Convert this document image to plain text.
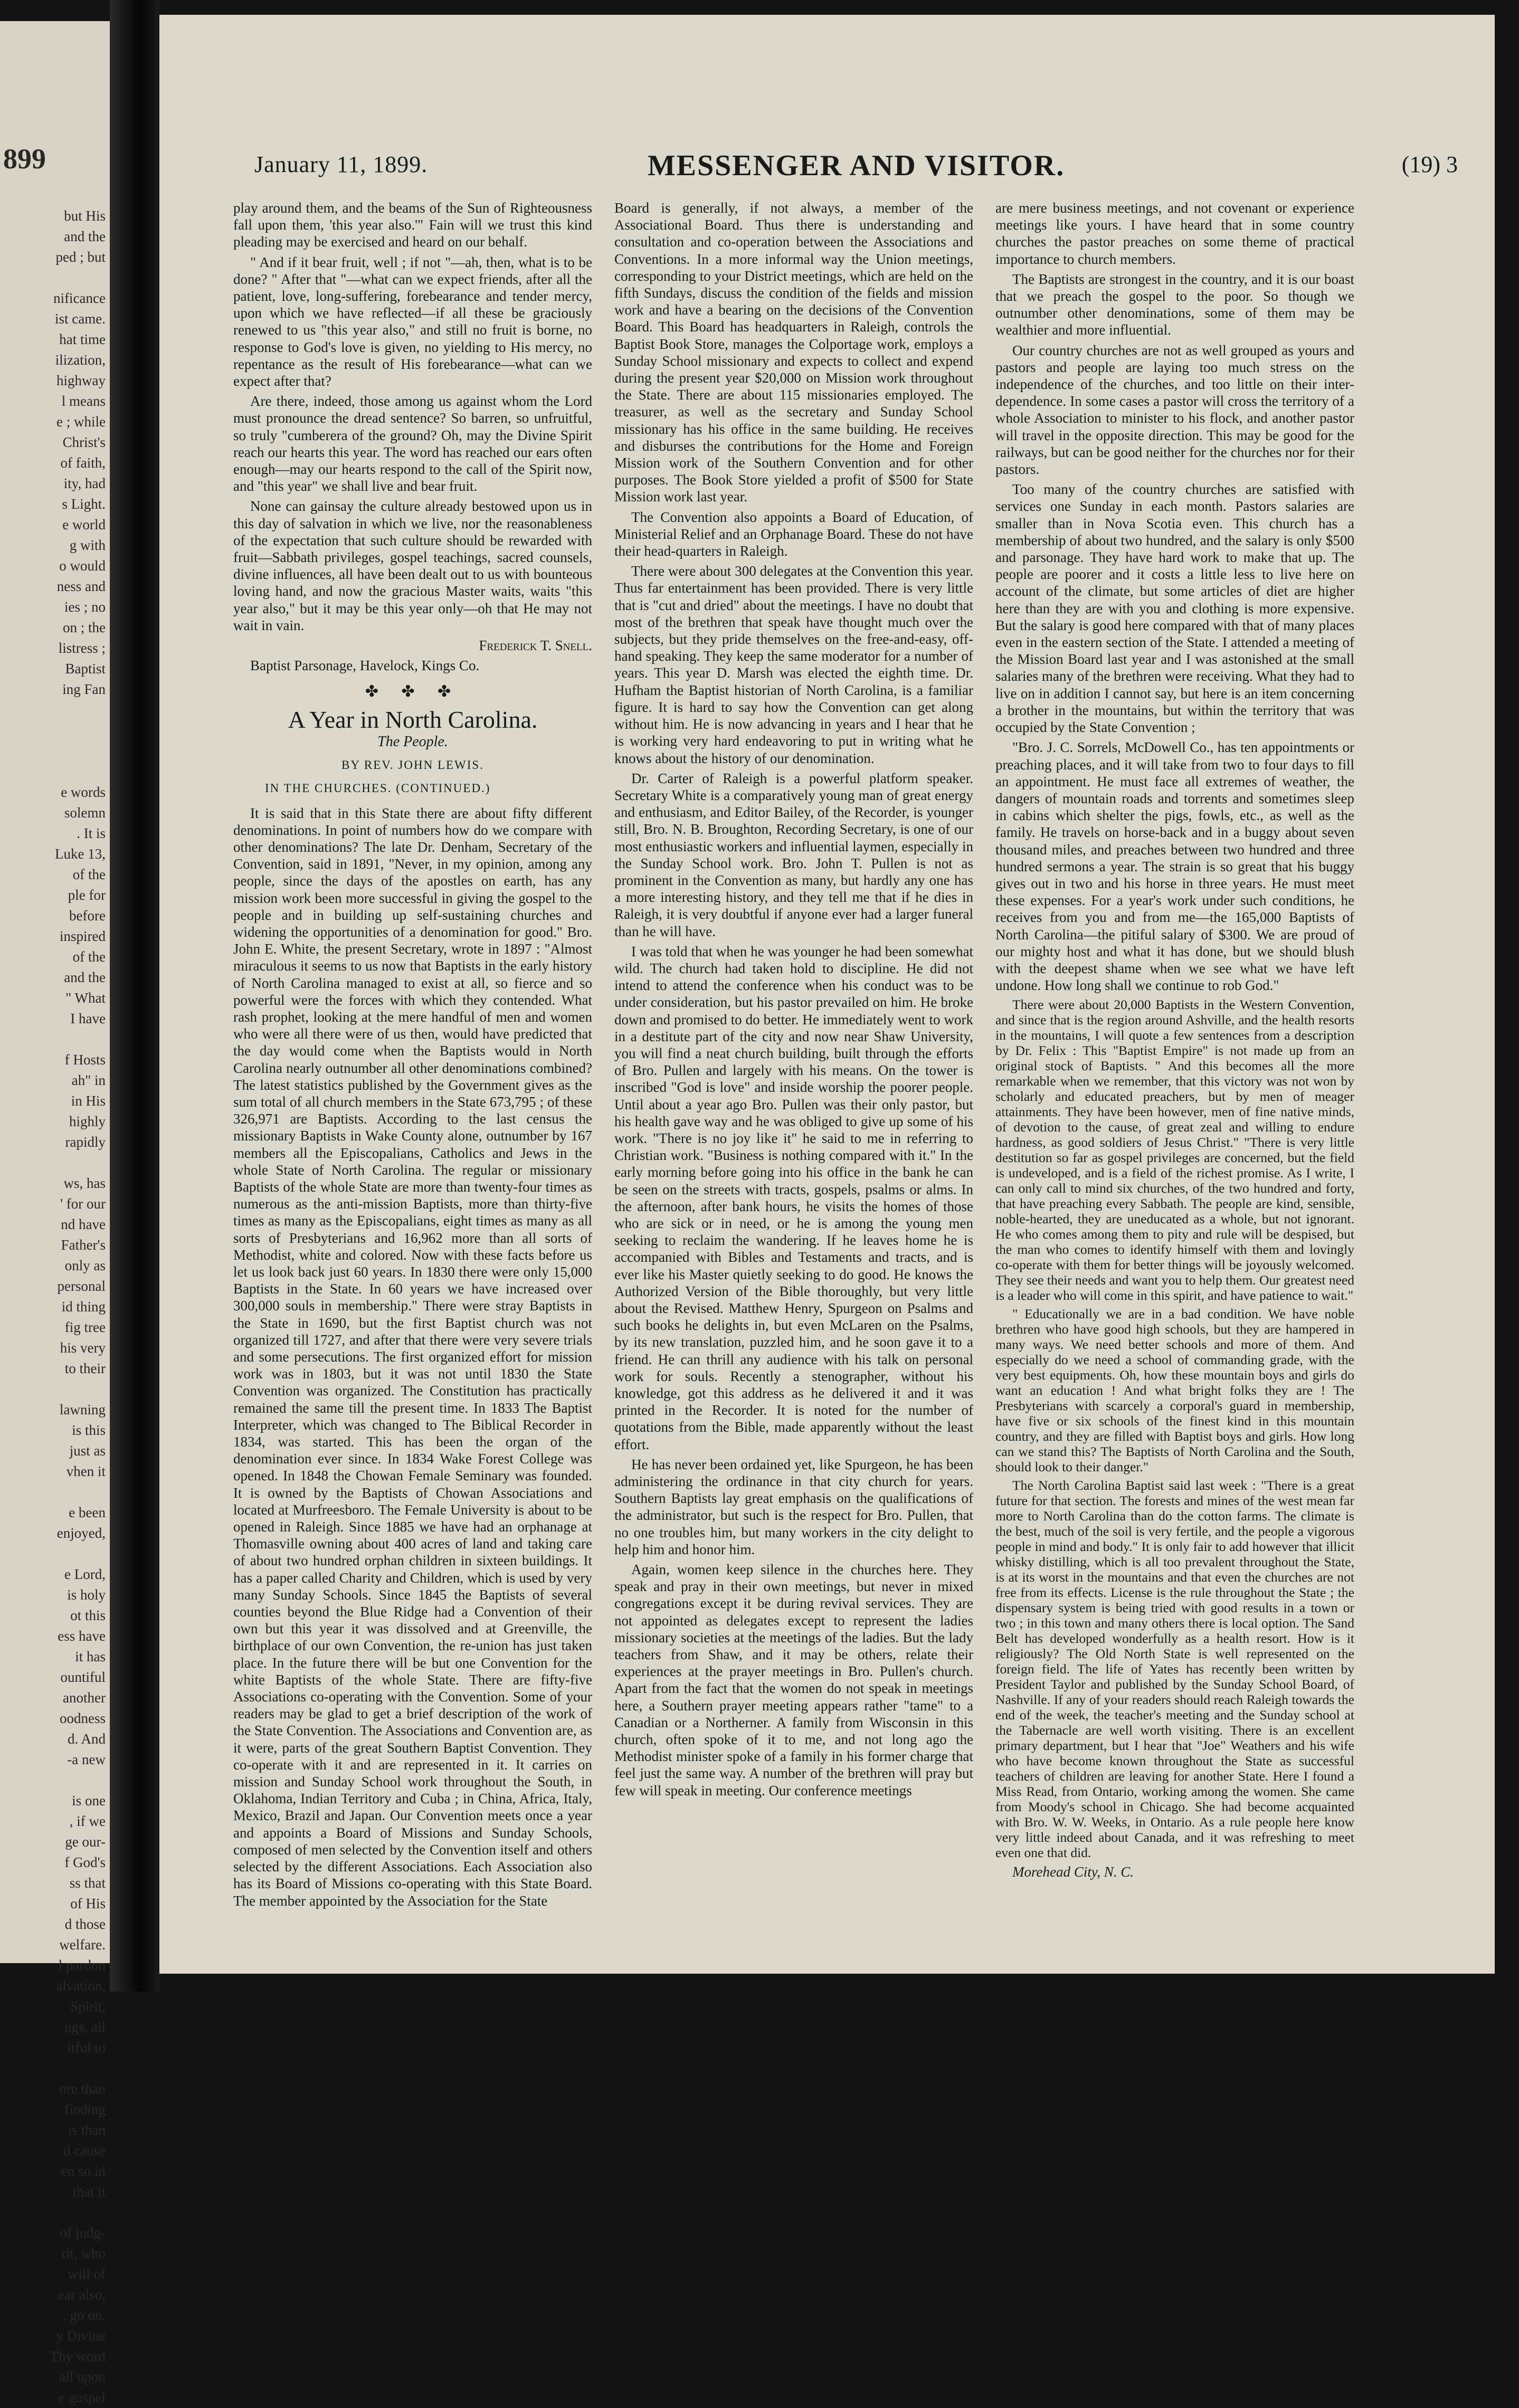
899
but His
and the
ped ; but

nificance
ist came.
hat time
ilization,
highway
l means
e ; while
Christ's
of faith,
ity, had
s Light.
e world
g with
o would
ness and
ies ; no
on ; the
listress ;
Baptist
ing Fan

e words
solemn
. It is
Luke 13,
of the
ple for
before
inspired
of the
and the
" What
I have

f Hosts
ah" in
in His
highly
rapidly

ws, has
' for our
nd have
Father's
only as
personal
id thing
fig tree
his very
to their

lawning
is this
just as
vhen it

e been
enjoyed,

e Lord,
is holy
ot this
ess have
it has
ountiful
another
oodness
d. And
-a new

is one
, if we
ge our-
f God's
ss that
of His
d those
welfare.
l pardon
alvation,
Spirit,
ngs, all
itful to

ore than
finding
is than
d cause
en so in
that it

of judg-
rit, who
will of
ear also,
. go on.
y Divine
Thy word
all upon
e gospel
January 11, 1899.	MESSENGER AND VISITOR.	(19) 3

play around them, and the beams of the Sun of Righteousness fall upon them, 'this year also.'" Fain will we trust this kind pleading may be exercised and heard on our behalf.

" And if it bear fruit, well ; if not "—ah, then, what is to be done? " After that "—what can we expect friends, after all the patient, love, long-suffering, forebearance and tender mercy, upon which we have reflected—if all these be graciously renewed to us "this year also," and still no fruit is borne, no response to God's love is given, no yielding to His mercy, no repentance as the result of His forebearance—what can we expect after that?

Are there, indeed, those among us against whom the Lord must pronounce the dread sentence? So barren, so unfruitful, so truly "cumberera of the ground? Oh, may the Divine Spirit reach our hearts this year. The word has reached our ears often enough—may our hearts respond to the call of the Spirit now, and "this year" we shall live and bear fruit.

None can gainsay the culture already bestowed upon us in this day of salvation in which we live, nor the reasonableness of the expectation that such culture should be rewarded with fruit—Sabbath privileges, gospel teachings, sacred counsels, divine influences, all have been dealt out to us with bounteous loving hand, and now the gracious Master waits, waits "this year also," but it may be this year only—oh that He may not wait in vain.

Frederick T. Snell.

Baptist Parsonage, Havelock, Kings Co.

✤ ✤ ✤
A Year in North Carolina.
The People.
BY REV. JOHN LEWIS.
IN THE CHURCHES. (CONTINUED.)

It is said that in this State there are about fifty different denominations. In point of numbers how do we compare with other denominations? The late Dr. Denham, Secretary of the Convention, said in 1891, "Never, in my opinion, among any people, since the days of the apostles on earth, has any mission work been more successful in giving the gospel to the people and in building up self-sustaining churches and widening the opportunities of a denomination for good." Bro. John E. White, the present Secretary, wrote in 1897 : "Almost miraculous it seems to us now that Baptists in the early history of North Carolina managed to exist at all, so fierce and so powerful were the forces with which they contended. What rash prophet, looking at the mere handful of men and women who were all there were of us then, would have predicted that the day would come when the Baptists would in North Carolina nearly outnumber all other denominations combined? The latest statistics published by the Government gives as the sum total of all church members in the State 673,795 ; of these 326,971 are Baptists. According to the last census the missionary Baptists in Wake County alone, outnumber by 167 members all the Episcopalians, Catholics and Jews in the whole State of North Carolina. The regular or missionary Baptists of the whole State are more than twenty-four times as numerous as the anti-mission Baptists, more than thirty-five times as many as the Episcopalians, eight times as many as all sorts of Presbyterians and 16,962 more than all sorts of Methodist, white and colored. Now with these facts before us let us look back just 60 years. In 1830 there were only 15,000 Baptists in the State. In 60 years we have increased over 300,000 souls in membership." There were stray Baptists in the State in 1690, but the first Baptist church was not organized till 1727, and after that there were very severe trials and some persecutions. The first organized effort for mission work was in 1803, but it was not until 1830 the State Convention was organized. The Constitution has practically remained the same till the present time. In 1833 The Baptist Interpreter, which was changed to The Biblical Recorder in 1834, was started. This has been the organ of the denomination ever since. In 1834 Wake Forest College was opened. In 1848 the Chowan Female Seminary was founded. It is owned by the Baptists of Chowan Associations and located at Murfreesboro. The Female University is about to be opened in Raleigh. Since 1885 we have had an orphanage at Thomasville owning about 400 acres of land and taking care of about two hundred orphan children in sixteen buildings. It has a paper called Charity and Children, which is used by very many Sunday Schools. Since 1845 the Baptists of several counties beyond the Blue Ridge had a Convention of their own but this year it was dissolved and at Greenville, the birthplace of our own Convention, the re-union has just taken place. In the future there will be but one Convention for the white Baptists of the whole State. There are fifty-five Associations co-operating with the Convention. Some of your readers may be glad to get a brief description of the work of the State Convention. The Associations and Convention are, as it were, parts of the great Southern Baptist Convention. They co-operate with it and are represented in it. It carries on mission and Sunday School work throughout the South, in Oklahoma, Indian Territory and Cuba ; in China, Africa, Italy, Mexico, Brazil and Japan. Our Convention meets once a year and appoints a Board of Missions and Sunday Schools, composed of men selected by the Convention itself and others selected by the different Associations. Each Association also has its Board of Missions co-operating with this State Board. The member appointed by the Association for the State

Board is generally, if not always, a member of the Associational Board. Thus there is understanding and consultation and co-operation between the Associations and Conventions. In a more informal way the Union meetings, corresponding to your District meetings, which are held on the fifth Sundays, discuss the condition of the fields and mission work and have a bearing on the decisions of the Convention Board. This Board has headquarters in Raleigh, controls the Baptist Book Store, manages the Colportage work, employs a Sunday School missionary and expects to collect and expend during the present year $20,000 on Mission work throughout the State. There are about 115 missionaries employed. The treasurer, as well as the secretary and Sunday School missionary has his office in the same building. He receives and disburses the contributions for the Home and Foreign Mission work of the Southern Convention and for other purposes. The Book Store yielded a profit of $500 for State Mission work last year.

The Convention also appoints a Board of Education, of Ministerial Relief and an Orphanage Board. These do not have their head-quarters in Raleigh.

There were about 300 delegates at the Convention this year. Thus far entertainment has been provided. There is very little that is "cut and dried" about the meetings. I have no doubt that most of the brethren that speak have thought much over the subjects, but they pride themselves on the free-and-easy, off-hand speaking. They keep the same moderator for a number of years. This year D. Marsh was elected the eighth time. Dr. Hufham the Baptist historian of North Carolina, is a familiar figure. It is hard to say how the Convention can get along without him. He is now advancing in years and I hear that he is working very hard endeavoring to put in writing what he knows about the history of our denomination.

Dr. Carter of Raleigh is a powerful platform speaker. Secretary White is a comparatively young man of great energy and enthusiasm, and Editor Bailey, of the Recorder, is younger still, Bro. N. B. Broughton, Recording Secretary, is one of our most enthusiastic workers and influential laymen, especially in the Sunday School work. Bro. John T. Pullen is not as prominent in the Convention as many, but hardly any one has a more interesting history, and they tell me that if he dies in Raleigh, it is very doubtful if anyone ever had a larger funeral than he will have.

I was told that when he was younger he had been somewhat wild. The church had taken hold to discipline. He did not intend to attend the conference when his conduct was to be under consideration, but his pastor prevailed on him. He broke down and promised to do better. He immediately went to work in a destitute part of the city and now near Shaw University, you will find a neat church building, built through the efforts of Bro. Pullen and largely with his means. On the tower is inscribed "God is love" and inside worship the poorer people. Until about a year ago Bro. Pullen was their only pastor, but his health gave way and he was obliged to give up some of his work. "There is no joy like it" he said to me in referring to Christian work. "Business is nothing compared with it." In the early morning before going into his office in the bank he can be seen on the streets with tracts, gospels, psalms or alms. In the afternoon, after bank hours, he visits the homes of those who are sick or in need, or he is among the young men seeking to reclaim the wandering. If he leaves home he is accompanied with Bibles and Testaments and tracts, and is ever like his Master quietly seeking to do good. He knows the Authorized Version of the Bible thoroughly, but very little about the Revised. Matthew Henry, Spurgeon on Psalms and such books he delights in, but even McLaren on the Psalms, by its new translation, puzzled him, and he soon gave it to a friend. He can thrill any audience with his talk on personal work for souls. Recently a stenographer, without his knowledge, got this address as he delivered it and it was printed in the Recorder. It is noted for the number of quotations from the Bible, made apparently without the least effort.

He has never been ordained yet, like Spurgeon, he has been administering the ordinance in that city church for years. Southern Baptists lay great emphasis on the qualifications of the administrator, but such is the respect for Bro. Pullen, that no one troubles him, but many workers in the city delight to help him and honor him.

Again, women keep silence in the churches here. They speak and pray in their own meetings, but never in mixed congregations except it be during revival services. They are not appointed as delegates except to represent the ladies missionary societies at the meetings of the ladies. But the lady teachers from Shaw, and it may be others, relate their experiences at the prayer meetings in Bro. Pullen's church. Apart from the fact that the women do not speak in meetings here, a Southern prayer meeting appears rather "tame" to a Canadian or a Northerner. A family from Wisconsin in this church, often spoke of it to me, and not long ago the Methodist minister spoke of a family in his former charge that feel just the same way. A number of the brethren will pray but few will speak in meeting. Our conference meetings

are mere business meetings, and not covenant or experience meetings like yours. I have heard that in some country churches the pastor preaches on some theme of practical importance to church members.

The Baptists are strongest in the country, and it is our boast that we preach the gospel to the poor. So though we outnumber other denominations, some of them may be wealthier and more influential.

Our country churches are not as well grouped as yours and pastors and people are laying too much stress on the independence of the churches, and too little on their inter-dependence. In some cases a pastor will cross the territory of a whole Association to minister to his flock, and another pastor will travel in the opposite direction. This may be good for the railways, but can be good neither for the churches nor for their pastors.

Too many of the country churches are satisfied with services one Sunday in each month. Pastors salaries are smaller than in Nova Scotia even. This church has a membership of about two hundred, and the salary is only $500 and parsonage. They have hard work to make that up. The people are poorer and it costs a little less to live here on account of the climate, but some articles of diet are higher here than they are with you and clothing is more expensive. But the salary is good here compared with that of many places even in the eastern section of the State. I attended a meeting of the Mission Board last year and I was astonished at the small salaries many of the brethren were receiving. What they had to live on in addition I cannot say, but here is an item concerning a brother in the mountains, but within the territory that was occupied by the State Convention ;

"Bro. J. C. Sorrels, McDowell Co., has ten appointments or preaching places, and it will take from two to four days to fill an appointment. He must face all extremes of weather, the dangers of mountain roads and torrents and sometimes sleep in cabins which shelter the pigs, fowls, etc., as well as the family. He travels on horse-back and in a buggy about seven thousand miles, and preaches between two hundred and three hundred sermons a year. The strain is so great that his buggy gives out in two and his horse in three years. He must meet these expenses. For a year's work under such conditions, he receives from you and from me—the 165,000 Baptists of North Carolina—the pitiful salary of $300. We are proud of our mighty host and what it has done, but we should blush with the deepest shame when we see what we have left undone. How long shall we continue to rob God."

There were about 20,000 Baptists in the Western Convention, and since that is the region around Ashville, and the health resorts in the mountains, I will quote a few sentences from a description by Dr. Felix : This "Baptist Empire" is not made up from an original stock of Baptists. " And this becomes all the more remarkable when we remember, that this victory was not won by scholarly and educated preachers, but by men of meager attainments. They have been however, men of fine native minds, of devotion to the cause, of great zeal and willing to endure hardness, as good soldiers of Jesus Christ." "There is very little destitution so far as gospel privileges are concerned, but the field is undeveloped, and is a field of the richest promise. As I write, I can only call to mind six churches, of the two hundred and forty, that have preaching every Sabbath. The people are kind, sensible, noble-hearted, they are uneducated as a whole, but not ignorant. He who comes among them to pity and rule will be despised, but the man who comes to identify himself with them and lovingly co-operate with them for better things will be joyously welcomed. They see their needs and want you to help them. Our greatest need is a leader who will come in this spirit, and have patience to wait."

" Educationally we are in a bad condition. We have noble brethren who have good high schools, but they are hampered in many ways. We need better schools and more of them. And especially do we need a school of commanding grade, with the very best equipments. Oh, how these mountain boys and girls do want an education ! And what bright folks they are ! The Presbyterians with scarcely a corporal's guard in membership, have five or six schools of the finest kind in this mountain country, and they are filled with Baptist boys and girls. How long can we stand this? The Baptists of North Carolina and the South, should look to their danger."

The North Carolina Baptist said last week : "There is a great future for that section. The forests and mines of the west mean far more to North Carolina than do the cotton farms. The climate is the best, much of the soil is very fertile, and the people a vigorous people in mind and body." It is only fair to add however that illicit whisky distilling, which is all too prevalent throughout the State, is at its worst in the mountains and that even the churches are not free from its effects. License is the rule throughout the State ; the dispensary system is being tried with good results in a town or two ; in this town and many others there is local option. The Sand Belt has developed wonderfully as a health resort. How is it religiously? The Old North State is well represented on the foreign field. The life of Yates has recently been written by President Taylor and published by the Sunday School Board, of Nashville. If any of your readers should reach Raleigh towards the end of the week, the teacher's meeting and the Sunday school at the Tabernacle are well worth visiting. There is an excellent primary department, but I hear that "Joe" Weathers and his wife who have become known throughout the State as successful teachers of children are leaving for another State. Here I found a Miss Read, from Ontario, working among the women. She came from Moody's school in Chicago. She had become acquainted with Bro. W. W. Weeks, in Ontario. As a rule people here know very little indeed about Canada, and it was refreshing to meet even one that did.

Morehead City, N. C.
